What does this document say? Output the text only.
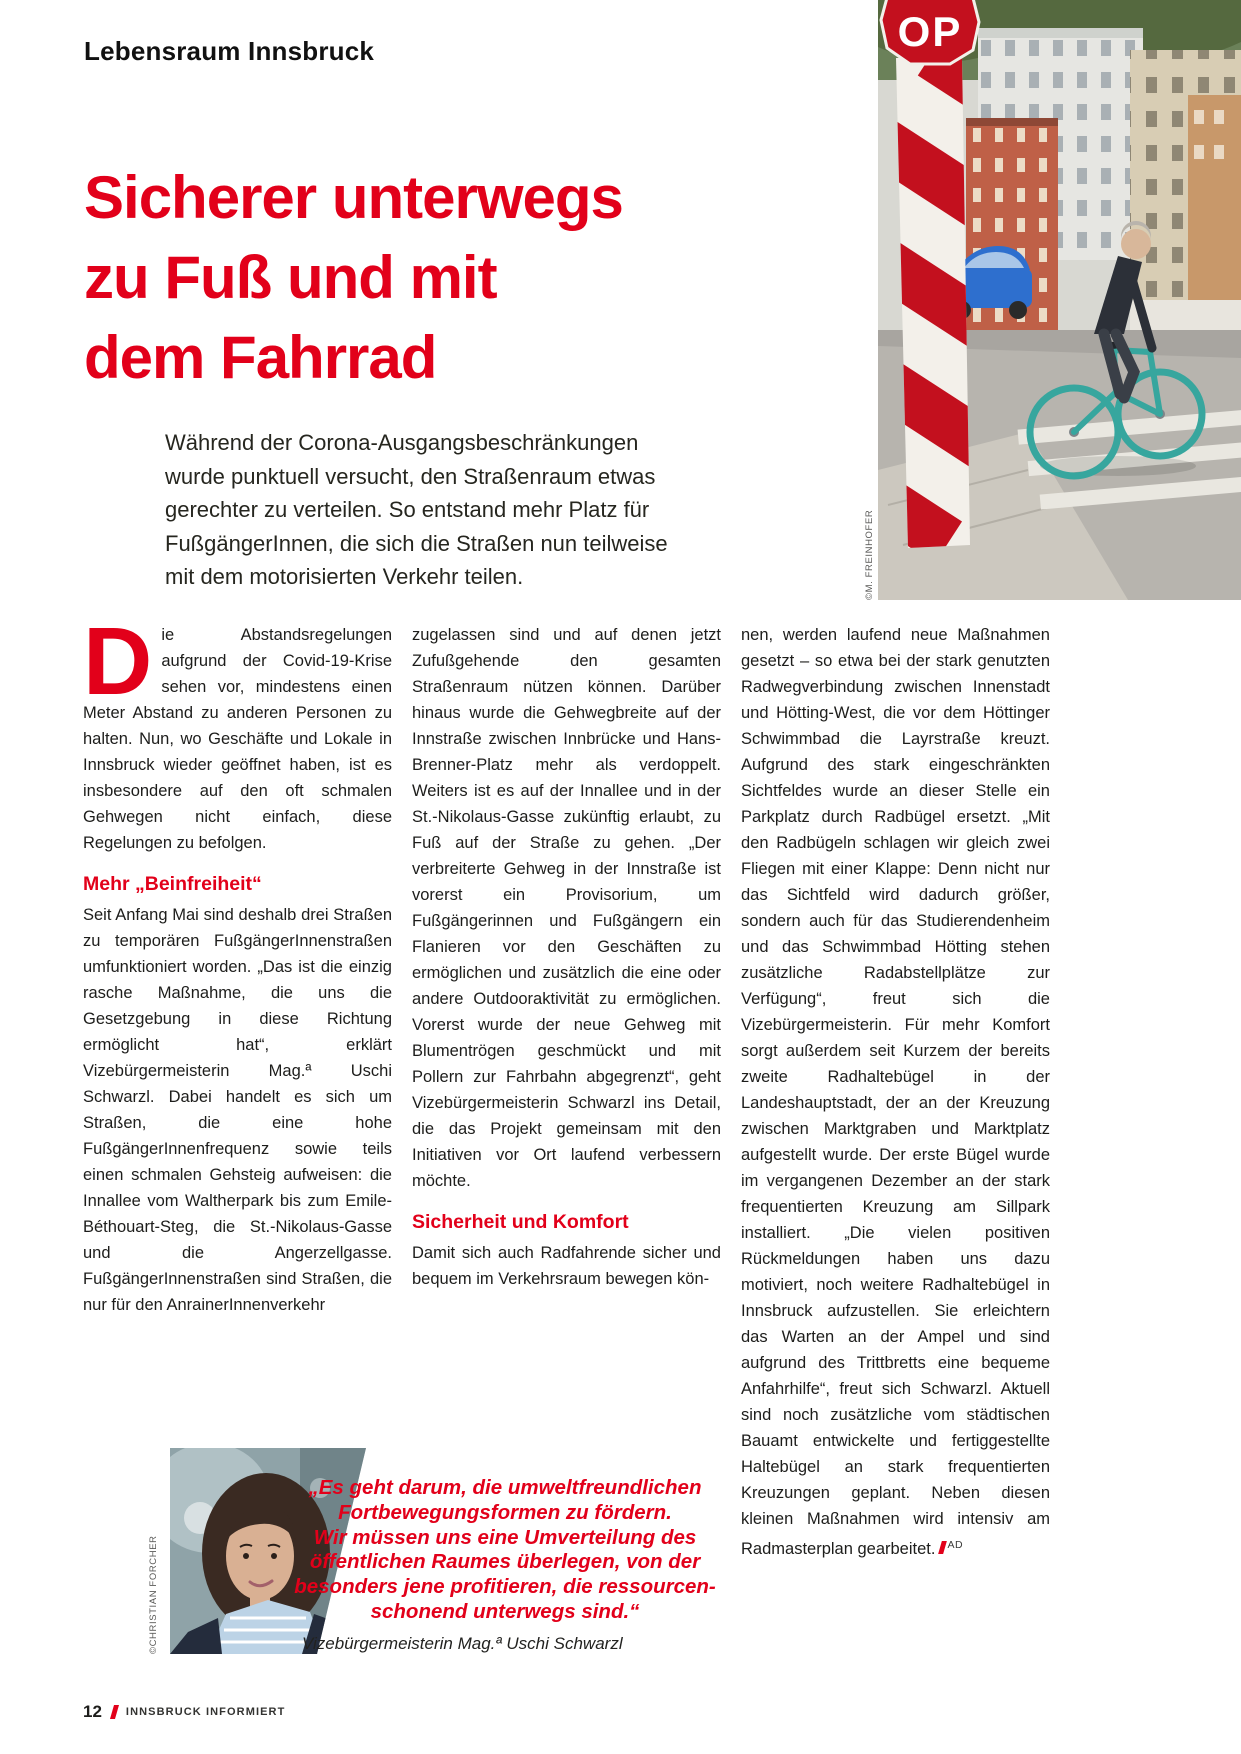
Lebensraum Innsbruck	OP
©M. FREINHOFER
Sicherer unterwegs
zu Fuß und mit
dem Fahrrad

Während der Corona-Ausgangsbeschränkungen wurde punktuell versucht, den Straßenraum etwas gerechter zu verteilen. So entstand mehr Platz für FußgängerInnen, die sich die Straßen nun teilweise mit dem motorisierten Verkehr teilen.

Die Abstandsregelungen aufgrund der Covid-19-Krise sehen vor, mindestens einen Meter Abstand zu anderen Personen zu halten. Nun, wo Geschäfte und Lokale in Innsbruck wieder geöffnet haben, ist es insbesondere auf den oft schmalen Gehwegen nicht einfach, diese Regelungen zu befolgen.

Mehr „Beinfreiheit“

Seit Anfang Mai sind deshalb drei Straßen zu temporären FußgängerInnenstraßen umfunktioniert worden. „Das ist die einzig rasche Maßnahme, die uns die Gesetzgebung in diese Richtung ermöglicht hat“, erklärt Vizebürgermeisterin Mag.ª Uschi Schwarzl. Dabei handelt es sich um Straßen, die eine hohe FußgängerInnenfrequenz sowie teils einen schmalen Gehsteig aufweisen: die Innallee vom Waltherpark bis zum Emile-Béthouart-Steg, die St.-Nikolaus-Gasse und die Angerzellgasse. FußgängerInnenstraßen sind Straßen, die nur für den AnrainerInnenverkehr

zugelassen sind und auf denen jetzt Zufußgehende den gesamten Straßenraum nützen können. Darüber hinaus wurde die Gehwegbreite auf der Innstraße zwischen Innbrücke und Hans-Brenner-Platz mehr als verdoppelt. Weiters ist es auf der Innallee und in der St.-Nikolaus-Gasse zukünftig erlaubt, zu Fuß auf der Straße zu gehen. „Der verbreiterte Gehweg in der Innstraße ist vorerst ein Provisorium, um Fußgängerinnen und Fußgängern ein Flanieren vor den Geschäften zu ermöglichen und zusätzlich die eine oder andere Outdooraktivität zu ermöglichen. Vorerst wurde der neue Gehweg mit Blumentrögen geschmückt und mit Pollern zur Fahrbahn abgegrenzt“, geht Vizebürgermeisterin Schwarzl ins Detail, die das Projekt gemeinsam mit den Initiativen vor Ort laufend verbessern möchte.

Sicherheit und Komfort

Damit sich auch Radfahrende sicher und bequem im Verkehrsraum bewegen kön-

nen, werden laufend neue Maßnahmen gesetzt – so etwa bei der stark genutzten Radwegverbindung zwischen Innenstadt und Hötting-West, die vor dem Höttinger Schwimmbad die Layrstraße kreuzt. Aufgrund des stark eingeschränkten Sichtfeldes wurde an dieser Stelle ein Parkplatz durch Radbügel ersetzt. „Mit den Radbügeln schlagen wir gleich zwei Fliegen mit einer Klappe: Denn nicht nur das Sichtfeld wird dadurch größer, sondern auch für das Studierendenheim und das Schwimmbad Hötting stehen zusätzliche Radabstellplätze zur Verfügung“, freut sich die Vizebürgermeisterin. Für mehr Komfort sorgt außerdem seit Kurzem der bereits zweite Radhaltebügel in der Landeshauptstadt, der an der Kreuzung zwischen Marktgraben und Marktplatz aufgestellt wurde. Der erste Bügel wurde im vergangenen Dezember an der stark frequentierten Kreuzung am Sillpark installiert. „Die vielen positiven Rückmeldungen haben uns dazu motiviert, noch weitere Radhaltebügel in Innsbruck aufzustellen. Sie erleichtern das Warten an der Ampel und sind aufgrund des Trittbretts eine bequeme Anfahrhilfe“, freut sich Schwarzl. Aktuell sind noch zusätzliche vom städtischen Bauamt entwickelte und fertiggestellte Haltebügel an stark frequentierten Kreuzungen geplant. Neben diesen kleinen Maßnahmen wird intensiv am Radmasterplan gearbeitet. $^{AD}$

©CHRISTIAN FORCHER

„Es geht darum, die umweltfreundlichen
Fortbewegungsformen zu fördern.
Wir müssen uns eine Umverteilung des
öffentlichen Raumes überlegen, von der
besonders jene profitieren, die ressourcen-
schonend unterwegs sind.“

Vizebürgermeisterin Mag.ª Uschi Schwarzl

12 INNSBRUCK INFORMIERT
